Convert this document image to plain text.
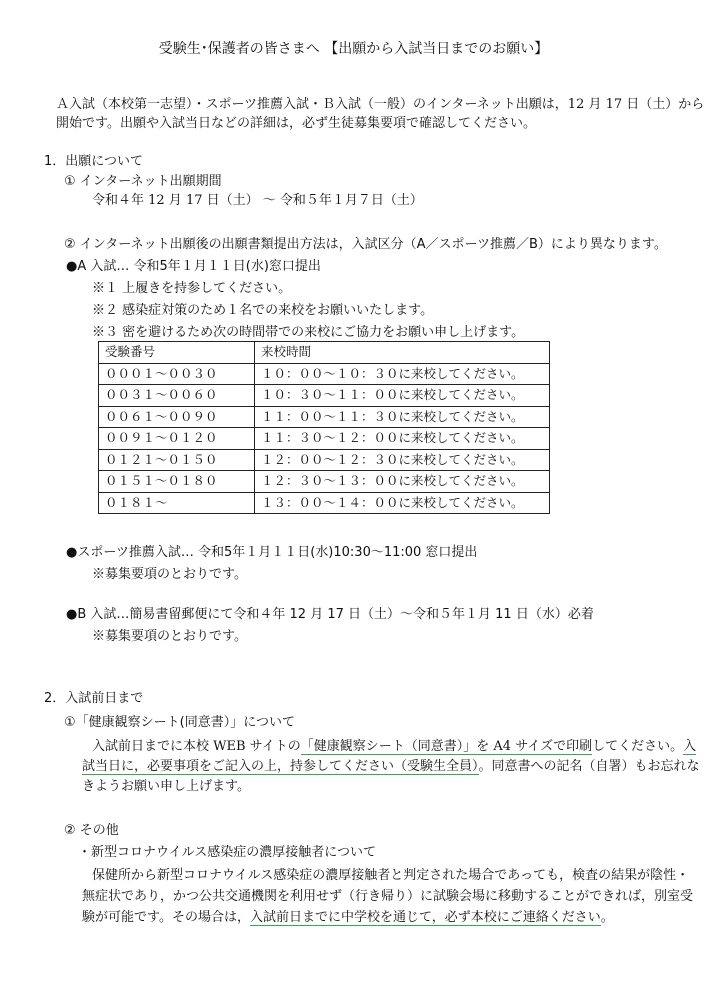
受験生･保護者の皆さまへ 【出願から入試当日までのお願い】
Ａ入試（本校第一志望）・スポーツ推薦入試・Ｂ入試（一般）のインターネット出願は，12 月 17 日（土）から
開始です。出願や入試当日などの詳細は，必ず生徒募集要項で確認してください。
1．出願について
① インターネット出願期間
令和４年 12 月 17 日（土） ～ 令和５年１月７日（土）
② インターネット出願後の出願書類提出方法は，入試区分（A／スポーツ推薦／B）により異なります。
●A 入試… 令和5年１月１１日(水)窓口提出
※１ 上履きを持参してください。
※２ 感染症対策のため１名での来校をお願いいたします。
※３ 密を避けるため次の時間帯での来校にご協力をお願い申し上げます。
受験番号	来校時間
０００１～００３０	１０：００～１０：３０に来校してください。
００３１～００６０	１０：３０～１１：００に来校してください。
００６１～００９０	１１：００～１１：３０に来校してください。
００９１～０１２０	１１：３０～１２：００に来校してください。
０１２１～０１５０	１２：００～１２：３０に来校してください。
０１５１～０１８０	１２：３０～１３：００に来校してください。
０１８１～	１３：００～１４：００に来校してください。
●スポーツ推薦入試… 令和5年１月１１日(水)10:30～11:00 窓口提出
※募集要項のとおりです。
●B 入試…簡易書留郵便にて令和４年 12 月 17 日（土）～令和５年１月 11 日（水）必着
※募集要項のとおりです。
2．入試前日まで
①「健康観察シート(同意書）」について
入試前日までに本校 WEB サイトの「健康観察シート（同意書）」を A4 サイズで印刷してください。入
試当日に，必要事項をご記入の上，持参してください（受験生全員）。同意書への記名（自署）もお忘れな
きようお願い申し上げます。
② その他
・新型コロナウイルス感染症の濃厚接触者について
保健所から新型コロナウイルス感染症の濃厚接触者と判定された場合であっても，検査の結果が陰性・
無症状であり，かつ公共交通機関を利用せず（行き帰り）に試験会場に移動することができれば，別室受
験が可能です。その場合は，入試前日までに中学校を通じて，必ず本校にご連絡ください。
